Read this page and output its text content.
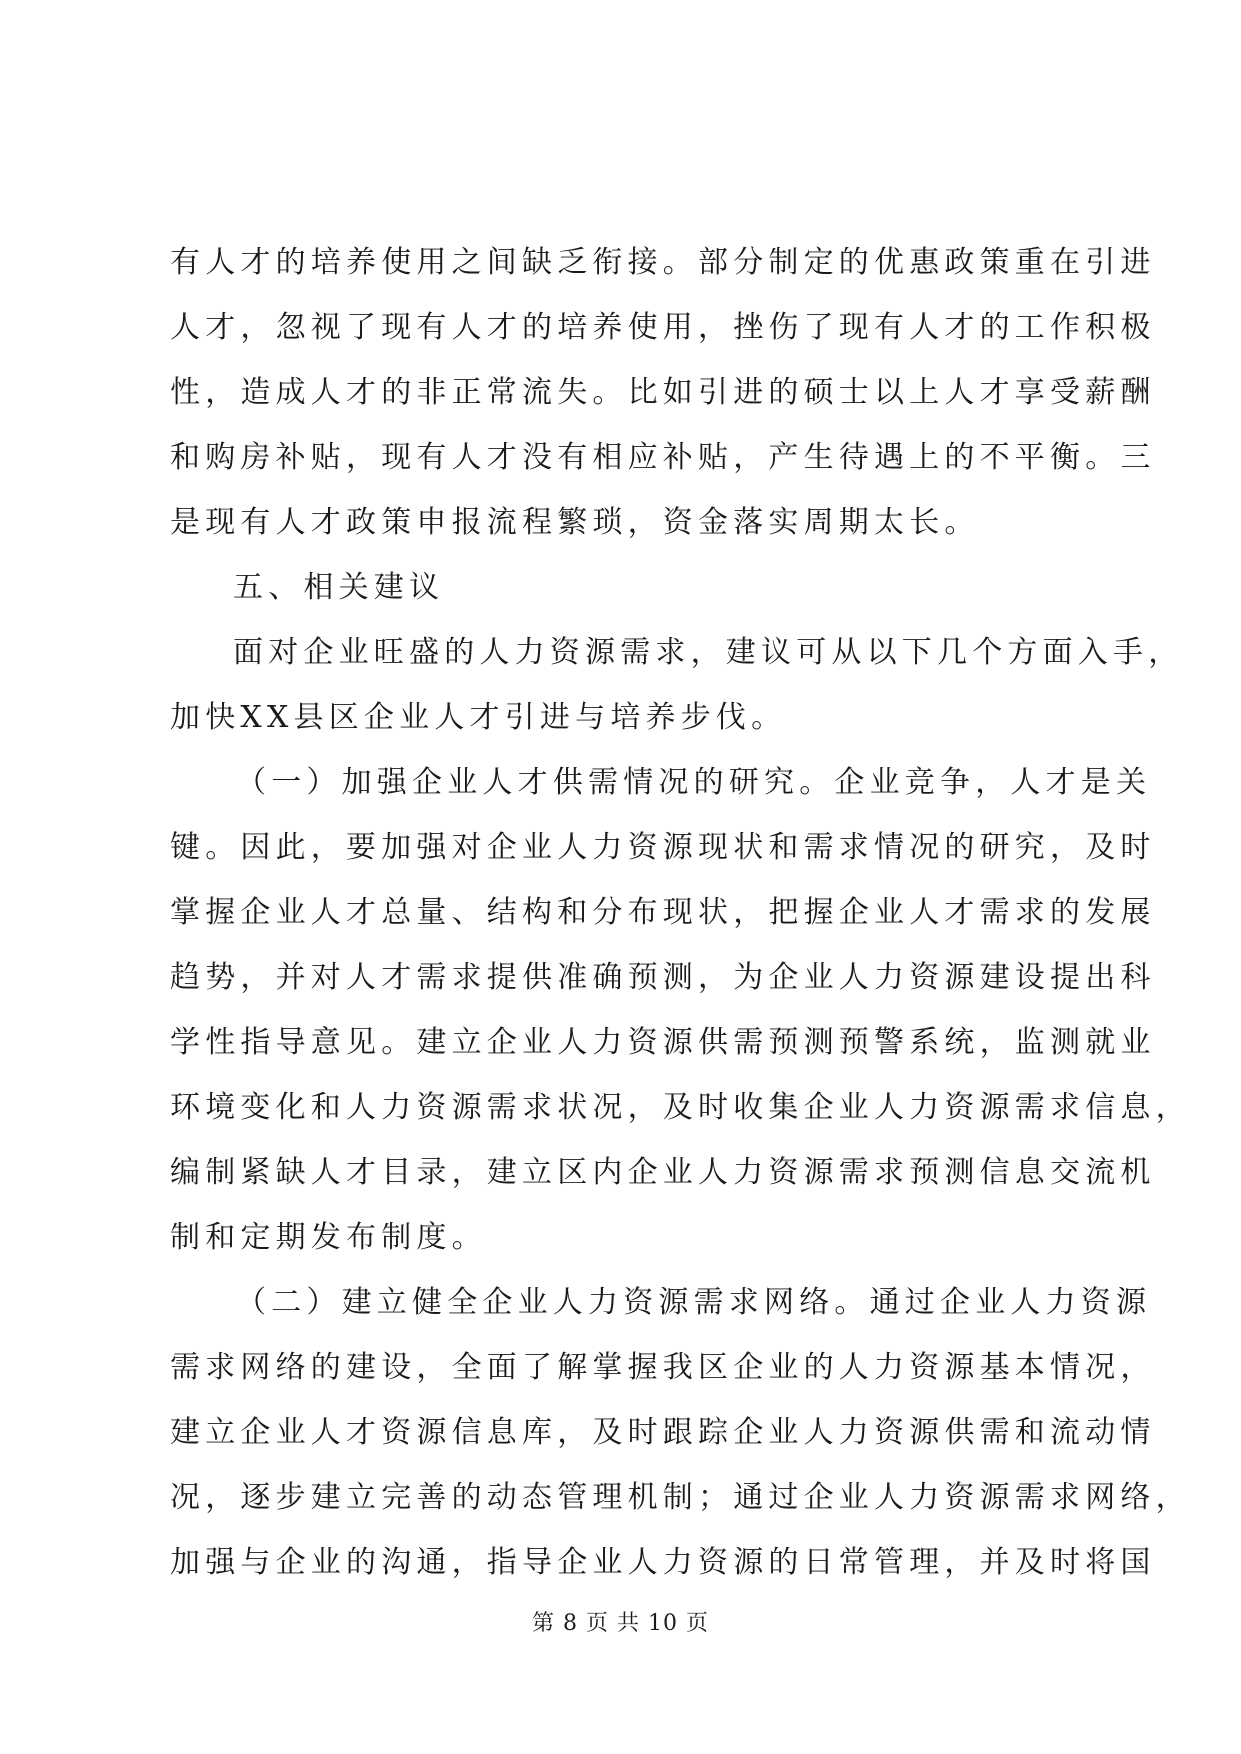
有人才的培养使用之间缺乏衔接。部分制定的优惠政策重在引进
人才，忽视了现有人才的培养使用，挫伤了现有人才的工作积极
性，造成人才的非正常流失。比如引进的硕士以上人才享受薪酬
和购房补贴，现有人才没有相应补贴，产生待遇上的不平衡。三
是现有人才政策申报流程繁琐，资金落实周期太长。
五、相关建议
面对企业旺盛的人力资源需求，建议可从以下几个方面入手，
加快XX县区企业人才引进与培养步伐。
（一）加强企业人才供需情况的研究。企业竞争，人才是关
键。因此，要加强对企业人力资源现状和需求情况的研究，及时
掌握企业人才总量、结构和分布现状，把握企业人才需求的发展
趋势，并对人才需求提供准确预测，为企业人力资源建设提出科
学性指导意见。建立企业人力资源供需预测预警系统，监测就业
环境变化和人力资源需求状况，及时收集企业人力资源需求信息，
编制紧缺人才目录，建立区内企业人力资源需求预测信息交流机
制和定期发布制度。
（二）建立健全企业人力资源需求网络。通过企业人力资源
需求网络的建设，全面了解掌握我区企业的人力资源基本情况，
建立企业人才资源信息库，及时跟踪企业人力资源供需和流动情
况，逐步建立完善的动态管理机制；通过企业人力资源需求网络，
加强与企业的沟通，指导企业人力资源的日常管理，并及时将国
第 8 页 共 10 页
